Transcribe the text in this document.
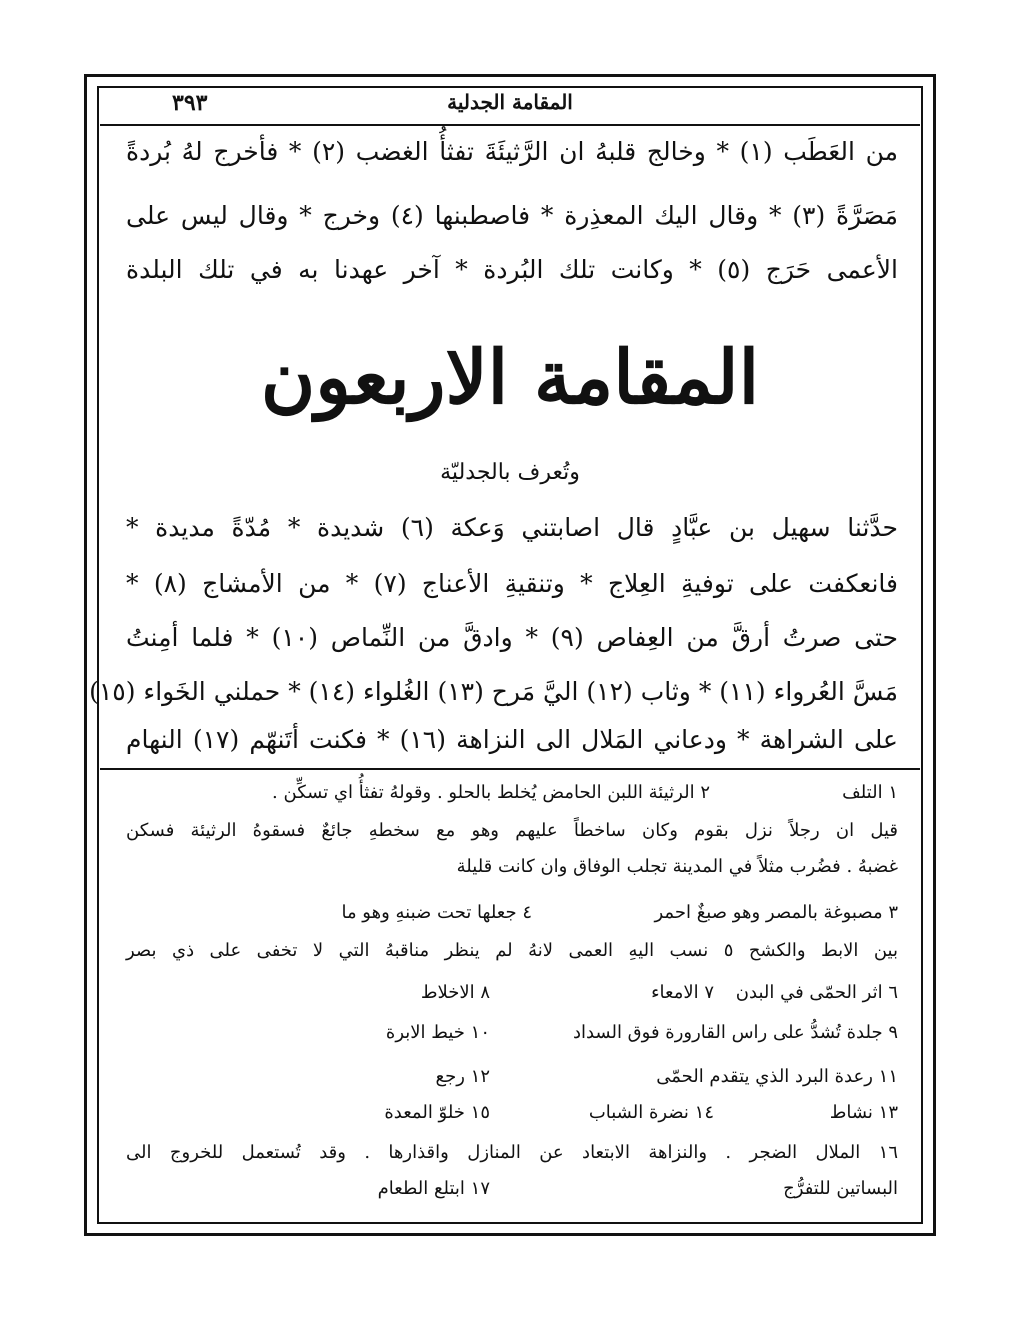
٣٩٣	المقامة الجدلية
من العَطَب (١) * وخالج قلبهُ ان الرَّثيئَةَ تفثأُ الغضب (٢) * فأخرج لهُ بُردةً
مَصَرَّةً (٣) * وقال اليك المعذِرة * فاصطبنها (٤) وخرج * وقال ليس على
الأعمى حَرَج (٥) * وكانت تلك البُردة * آخر عهدنا به في تلك البلدة
المقامة الاربعون
وتُعرف بالجدليّة
حدَّثنا سهيل بن عبَّادٍ قال اصابتني وَعكة (٦) شديدة * مُدّةً مديدة *
فانعكفت على توفيةِ العِلاج * وتنقيةِ الأعناج (٧) * من الأمشاج (٨) *
حتى صرتُ أرقَّ من العِفاص (٩) * وادقَّ من النِّماص (١٠) * فلما أمِنتُ
مَسَّ العُرواء (١١) * وثاب (١٢) اليَّ مَرح (١٣) الغُلواء (١٤) * حملني الخَواء (١٥)
على الشراهة * ودعاني المَلال الى النزاهة (١٦) * فكنت أتَنهّم (١٧) النهام
١ التلف
٢ الرثيئة اللبن الحامض يُخلط بالحلو . وقولهُ تفثأُ اي تسكِّن .
قيل ان رجلاً نزل بقوم وكان ساخطاً عليهم وهو مع سخطهِ جائعٌ فسقوهُ الرثيئة فسكن
غضبهُ . فضُرب مثلاً في المدينة تجلب الوفاق وان كانت قليلة
٣ مصبوغة بالمصر وهو صبغٌ احمر
٤ جعلها تحت ضبنهِ وهو ما
بين الابط والكشح ٥ نسب اليهِ العمى لانهُ لم ينظر مناقبهُ التي لا تخفى على ذي بصر
٦ اثر الحمّى في البدن
٧ الامعاء
٨ الاخلاط
٩ جلدة تُشدُّ على راس القارورة فوق السداد
١٠ خيط الابرة
١١ رعدة البرد الذي يتقدم الحمّى
١٢ رجع
١٣ نشاط
١٤ نضرة الشباب
١٥ خلوّ المعدة
١٦ الملال الضجر . والنزاهة الابتعاد عن المنازل واقذارها . وقد تُستعمل للخروج الى
البساتين للتفرُّج
١٧ ابتلع الطعام
